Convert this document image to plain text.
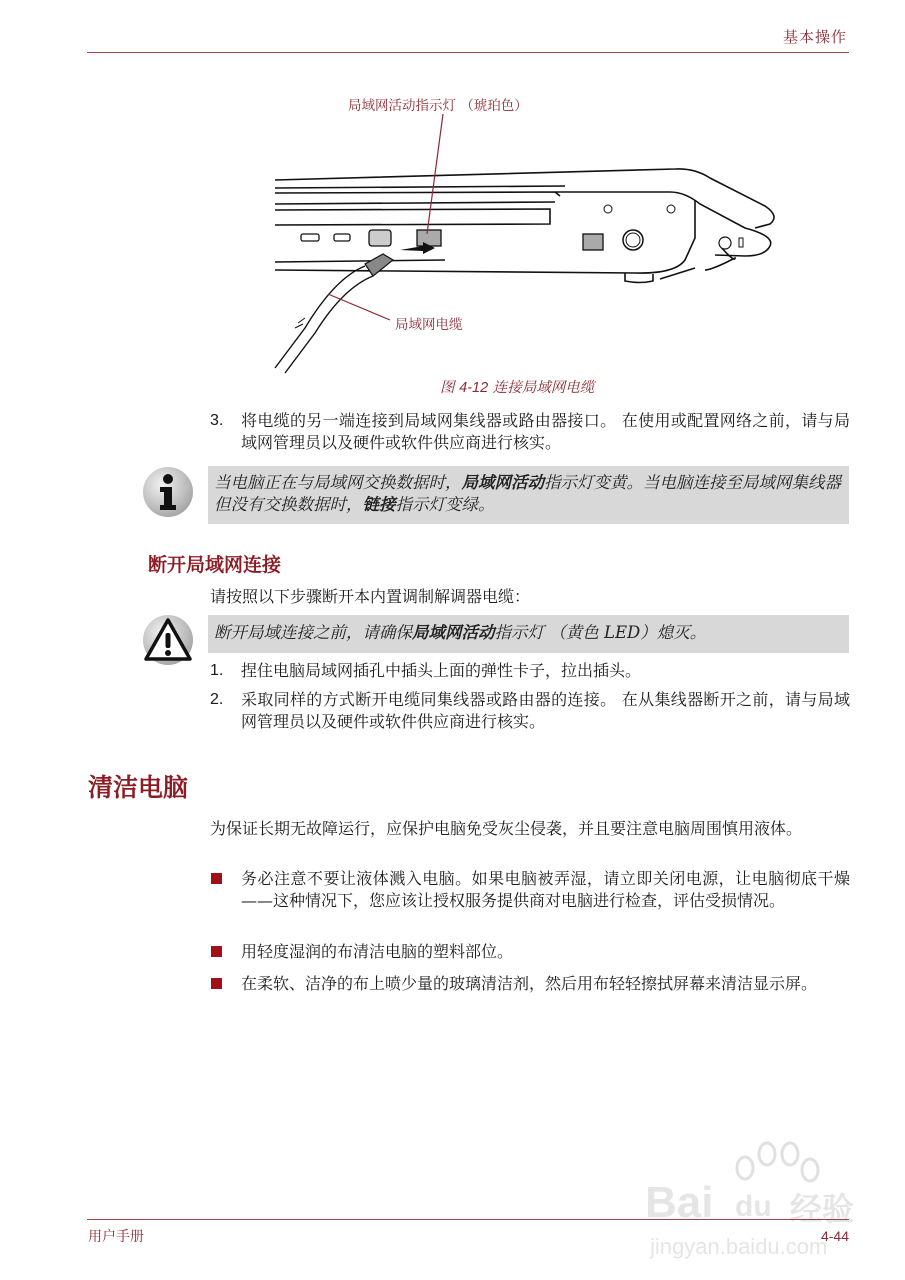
基本操作
局域网活动指示灯 （琥珀色）
局域网电缆
图 4-12 连接局域网电缆
3. 将电缆的另一端连接到局域网集线器或路由器接口。 在使用或配置网络之前，请与局域网管理员以及硬件或软件供应商进行核实。
当电脑正在与局域网交换数据时，局域网活动指示灯变黄。当电脑连接至局域网集线器但没有交换数据时，链接指示灯变绿。
断开局域网连接
请按照以下步骤断开本内置调制解调器电缆：
断开局域连接之前，请确保局域网活动指示灯 （黄色 LED）熄灭。
1. 捏住电脑局域网插孔中插头上面的弹性卡子，拉出插头。
2. 采取同样的方式断开电缆同集线器或路由器的连接。 在从集线器断开之前，请与局域网管理员以及硬件或软件供应商进行核实。
清洁电脑
为保证长期无故障运行，应保护电脑免受灰尘侵袭，并且要注意电脑周围慎用液体。
务必注意不要让液体溅入电脑。如果电脑被弄湿，请立即关闭电源，让电脑彻底干燥——这种情况下，您应该让授权服务提供商对电脑进行检查，评估受损情况。
用轻度湿润的布清洁电脑的塑料部位。
在柔软、洁净的布上喷少量的玻璃清洁剂，然后用布轻轻擦拭屏幕来清洁显示屏。
Bai du 经验
jingyan.baidu.com
用户手册	4-44
